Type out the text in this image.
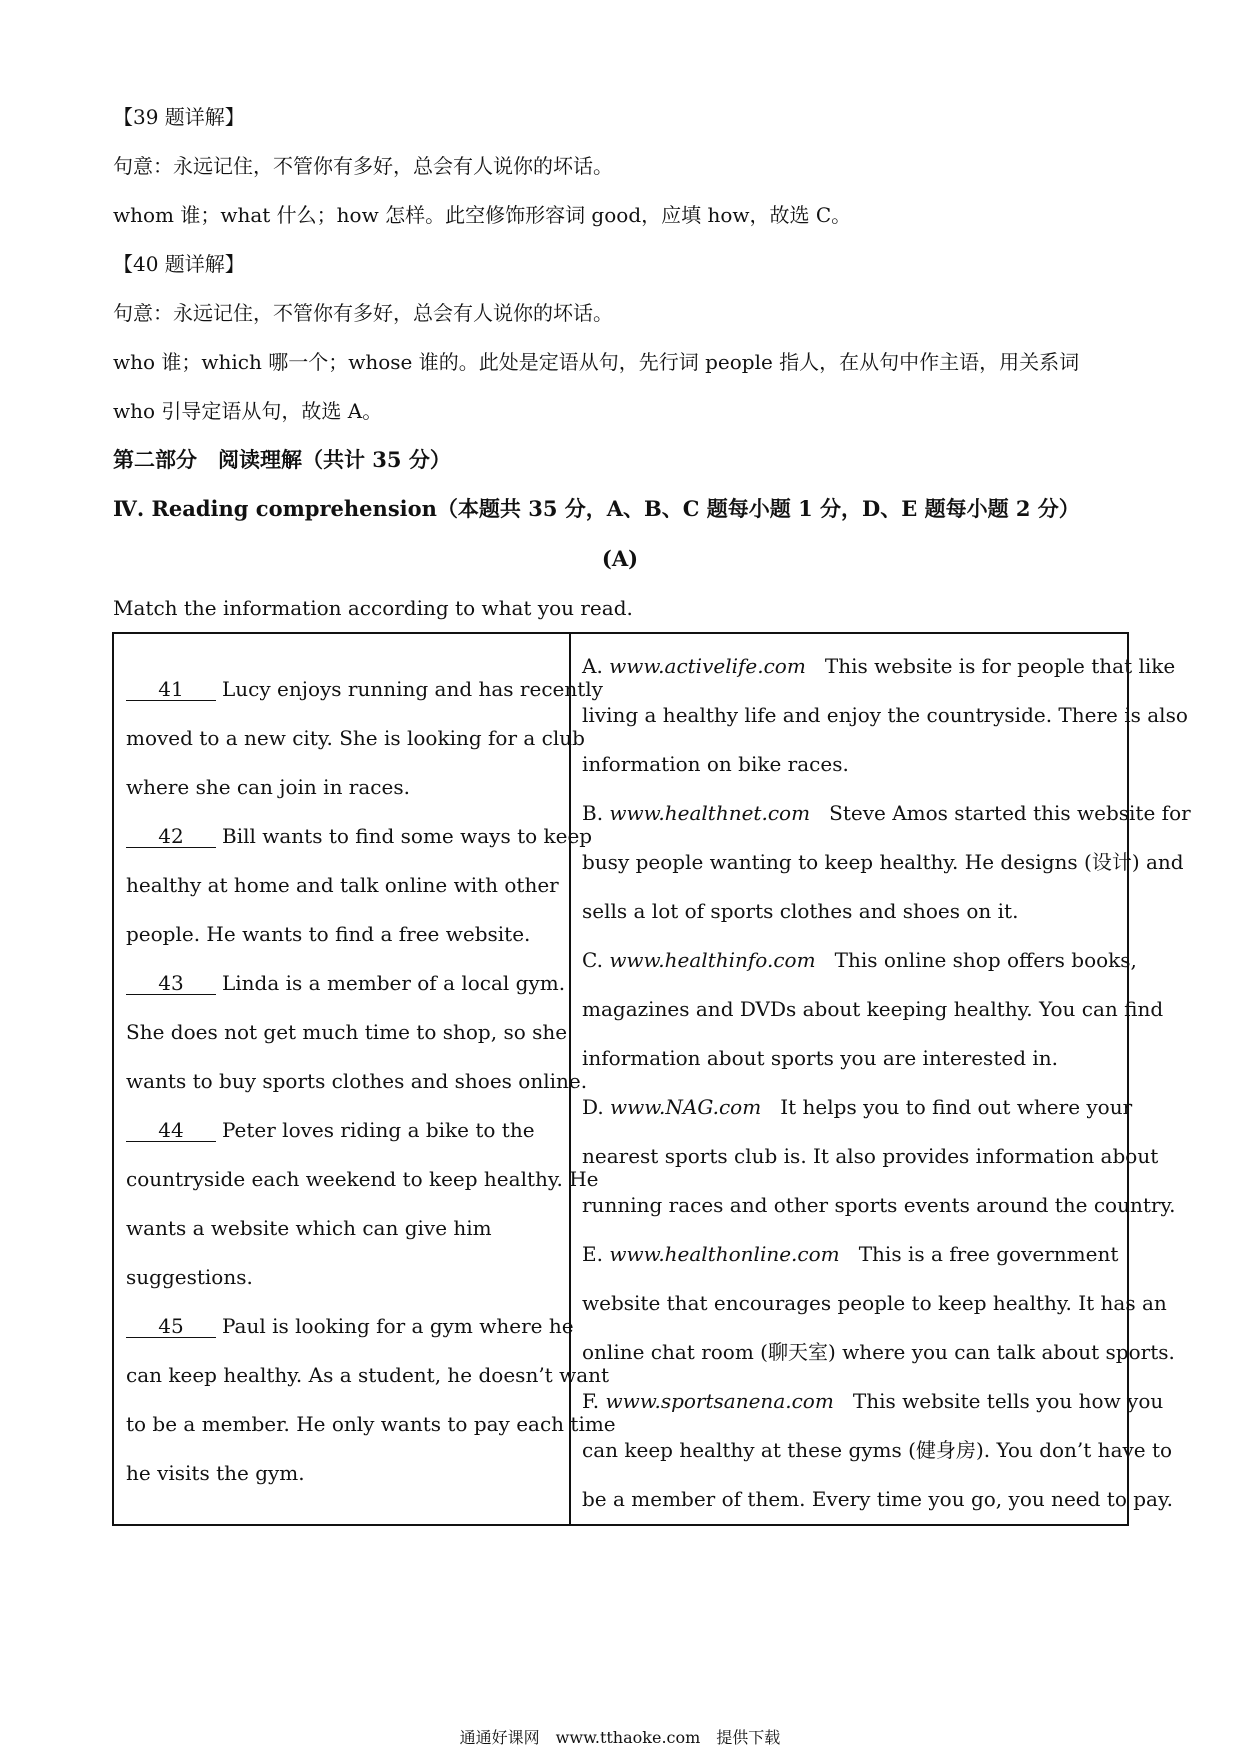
【39 题详解】
句意：永远记住，不管你有多好，总会有人说你的坏话。
whom 谁；what 什么；how 怎样。此空修饰形容词 good，应填 how，故选 C。
【40 题详解】
句意：永远记住，不管你有多好，总会有人说你的坏话。
who 谁；which 哪一个；whose 谁的。此处是定语从句，先行词 people 指人，在从句中作主语，用关系词
who 引导定语从句，故选 A。
第二部分　阅读理解（共计 35 分）
Ⅳ. Reading comprehension（本题共 35 分，A、B、C 题每小题 1 分，D、E 题每小题 2 分）
(A)
Match the information according to what you read.
41 Lucy enjoys running and has recently
moved to a new city. She is looking for a club
where she can join in races.
42 Bill wants to find some ways to keep
healthy at home and talk online with other
people. He wants to find a free website.
43 Linda is a member of a local gym.
She does not get much time to shop, so she
wants to buy sports clothes and shoes online.
44 Peter loves riding a bike to the
countryside each weekend to keep healthy. He
wants a website which can give him
suggestions.
45 Paul is looking for a gym where he
can keep healthy. As a student, he doesn’t want
to be a member. He only wants to pay each time
he visits the gym.
A. www.activelife.com This website is for people that like
living a healthy life and enjoy the countryside. There is also
information on bike races.
B. www.healthnet.com Steve Amos started this website for
busy people wanting to keep healthy. He designs (设计) and
sells a lot of sports clothes and shoes on it.
C. www.healthinfo.com This online shop offers books,
magazines and DVDs about keeping healthy. You can find
information about sports you are interested in.
D. www.NAG.com It helps you to find out where your
nearest sports club is. It also provides information about
running races and other sports events around the country.
E. www.healthonline.com This is a free government
website that encourages people to keep healthy. It has an
online chat room (聊天室) where you can talk about sports.
F. www.sportsanena.com This website tells you how you
can keep healthy at these gyms (健身房). You don’t have to
be a member of them. Every time you go, you need to pay.
通通好课网　www.tthaoke.com　提供下载
